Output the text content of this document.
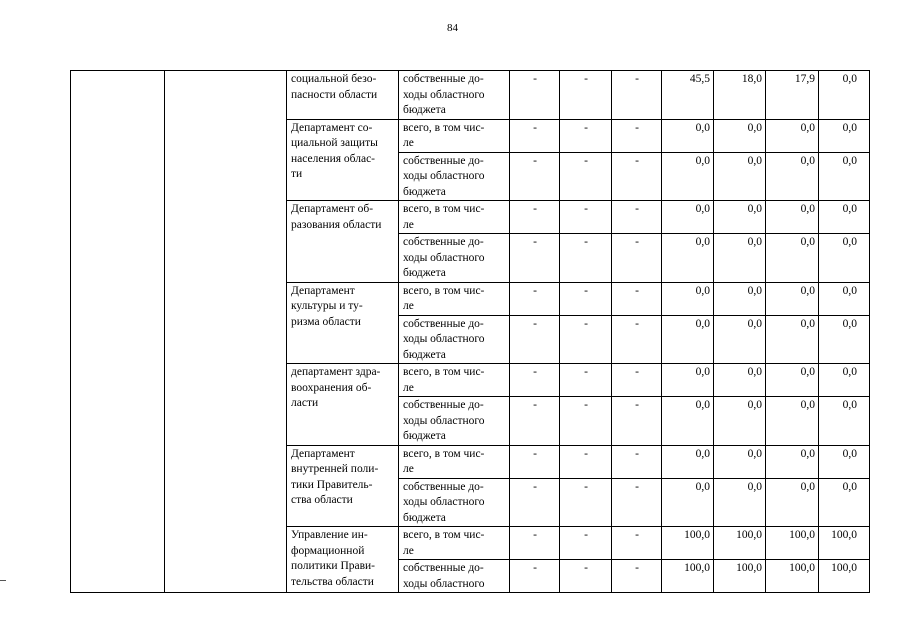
84
		социальной безо-
пасности области	собственные до-
ходы областного
бюджета	-	-	-	45,5	18,0	17,9	0,0
		Департамент со-
циальной защиты
населения облас-
ти	всего, в том чис-
ле	-	-	-	0,0	0,0	0,0	0,0
			собственные до-
ходы областного
бюджета	-	-	-	0,0	0,0	0,0	0,0
		Департамент об-
разования области	всего, в том чис-
ле	-	-	-	0,0	0,0	0,0	0,0
			собственные до-
ходы областного
бюджета	-	-	-	0,0	0,0	0,0	0,0
		Департамент
культуры и ту-
ризма области	всего, в том чис-
ле	-	-	-	0,0	0,0	0,0	0,0
			собственные до-
ходы областного
бюджета	-	-	-	0,0	0,0	0,0	0,0
		департамент здра-
воохранения об-
ласти	всего, в том чис-
ле	-	-	-	0,0	0,0	0,0	0,0
			собственные до-
ходы областного
бюджета	-	-	-	0,0	0,0	0,0	0,0
		Департамент
внутренней поли-
тики Правитель-
ства области	всего, в том чис-
ле	-	-	-	0,0	0,0	0,0	0,0
			собственные до-
ходы областного
бюджета	-	-	-	0,0	0,0	0,0	0,0
		Управление ин-
формационной
политики Прави-
тельства области	всего, в том чис-
ле	-	-	-	100,0	100,0	100,0	100,0
			собственные до-
ходы областного	-	-	-	100,0	100,0	100,0	100,0
